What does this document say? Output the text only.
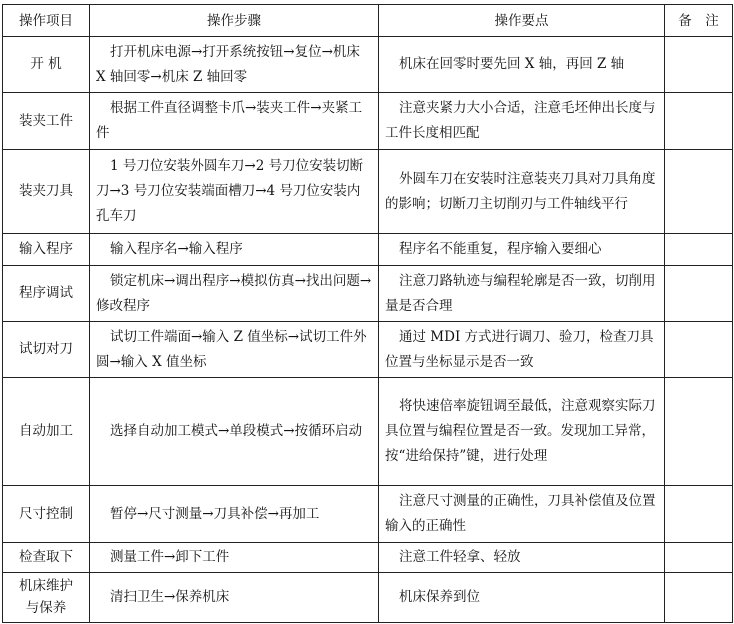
操作项目	操作步骤	操作要点	备　注
开 机	打开机床电源→打开系统按钮→复位→机床 X 轴回零→机床 Z 轴回零	机床在回零时要先回 X 轴，再回 Z 轴	
装夹工件	根据工件直径调整卡爪→装夹工件→夹紧工件	注意夹紧力大小合适，注意毛坯伸出长度与工件长度相匹配	
装夹刀具	1 号刀位安装外圆车刀→2 号刀位安装切断刀→3 号刀位安装端面槽刀→4 号刀位安装内孔车刀	外圆车刀在安装时注意装夹刀具对刀具角度的影响；切断刀主切削刃与工件轴线平行	
输入程序	输入程序名→输入程序	程序名不能重复，程序输入要细心	
程序调试	锁定机床→调出程序→模拟仿真→找出问题→修改程序	注意刀路轨迹与编程轮廓是否一致，切削用量是否合理	
试切对刀	试切工件端面→输入 Z 值坐标→试切工件外圆→输入 X 值坐标	通过 MDI 方式进行调刀、验刀，检查刀具位置与坐标显示是否一致	
自动加工	选择自动加工模式→单段模式→按循环启动	将快速倍率旋钮调至最低，注意观察实际刀具位置与编程位置是否一致。发现加工异常，按“进给保持”键，进行处理	
尺寸控制	暂停→尺寸测量→刀具补偿→再加工	注意尺寸测量的正确性，刀具补偿值及位置输入的正确性	
检查取下	测量工件→卸下工件	注意工件轻拿、轻放	
机床维护与保养	清扫卫生→保养机床	机床保养到位	
